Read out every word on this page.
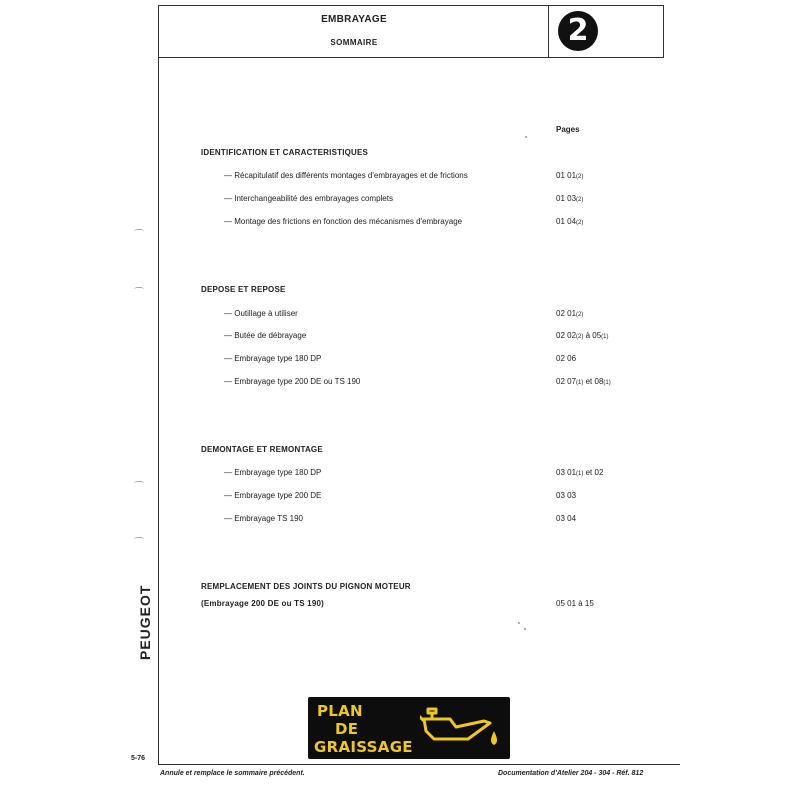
EMBRAYAGE
SOMMAIRE	2
Pages
IDENTIFICATION ET CARACTERISTIQUES
— Récapitulatif des différents montages d'embrayages et de frictions	01 01(2)
— Interchangeabilité des embrayages complets	01 03(2)
— Montage des frictions en fonction des mécanismes d'embrayage	01 04(2)
DEPOSE ET REPOSE
— Outillage à utiliser	02 01(2)
— Butée de débrayage	02 02(2) à 05(1)
— Embrayage type 180 DP	02 06
— Embrayage type 200 DE ou TS 190	02 07(1) et 08(1)
DEMONTAGE ET REMONTAGE
— Embrayage type 180 DP	03 01(1) et 02
— Embrayage type 200 DE	03 03
— Embrayage TS 190	03 04
REMPLACEMENT DES JOINTS DU PIGNON MOTEUR
(Embrayage 200 DE ou TS 190)	05 01 à 15
PEUGEOT
5-76
⌒
⌒
⌒
⌒
PLAN
DE
GRAISSAGE
Annule et remplace le sommaire précédent.	Documentation d'Atelier 204 - 304 - Réf. 812
